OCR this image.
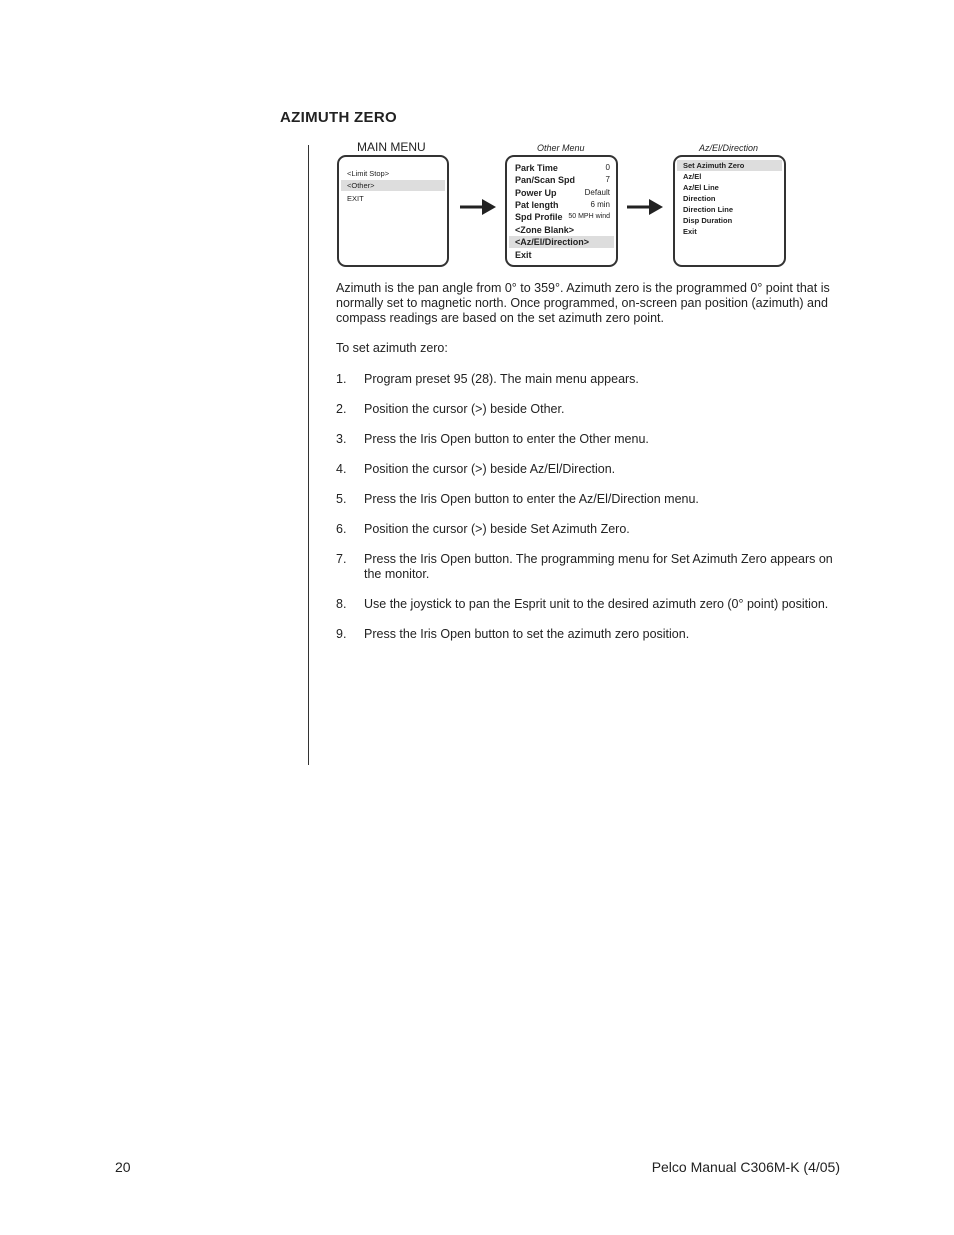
AZIMUTH ZERO
MAIN MENU
<Limit Stop>
<Other>
EXIT
Other Menu
Park Time	0
Pan/Scan Spd	7
Power Up	Default
Pat length	6 min
Spd Profile 50 MPH wind
<Zone Blank>
<Az/El/Direction>
Exit
Az/El/Direction
Set Azimuth Zero
Az/El
Az/El Line
Direction
Direction Line
Disp Duration
Exit

Azimuth is the pan angle from 0° to 359°. Azimuth zero is the programmed 0° point that is normally set to magnetic north. Once programmed, on-screen pan position (azimuth) and compass readings are based on the set azimuth zero point.

To set azimuth zero:

1.	Program preset 95 (28). The main menu appears.
2.	Position the cursor (>) beside Other.
3.	Press the Iris Open button to enter the Other menu.
4.	Position the cursor (>) beside Az/El/Direction.
5.	Press the Iris Open button to enter the Az/El/Direction menu.
6.	Position the cursor (>) beside Set Azimuth Zero.
7.	Press the Iris Open button. The programming menu for Set Azimuth Zero appears on the monitor.
8.	Use the joystick to pan the Esprit unit to the desired azimuth zero (0° point) position.
9.	Press the Iris Open button to set the azimuth zero position.
20	Pelco Manual C306M-K (4/05)
